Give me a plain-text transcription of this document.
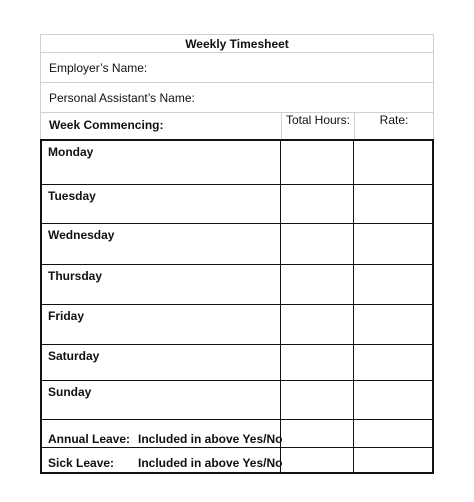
Weekly Timesheet
Employer’s Name:
Personal Assistant’s Name:
Week Commencing:	Total Hours:	Rate:
Monday
Tuesday
Wednesday
Thursday
Friday
Saturday
Sunday
Annual Leave: Included in above Yes/No
Sick Leave: Included in above Yes/No
